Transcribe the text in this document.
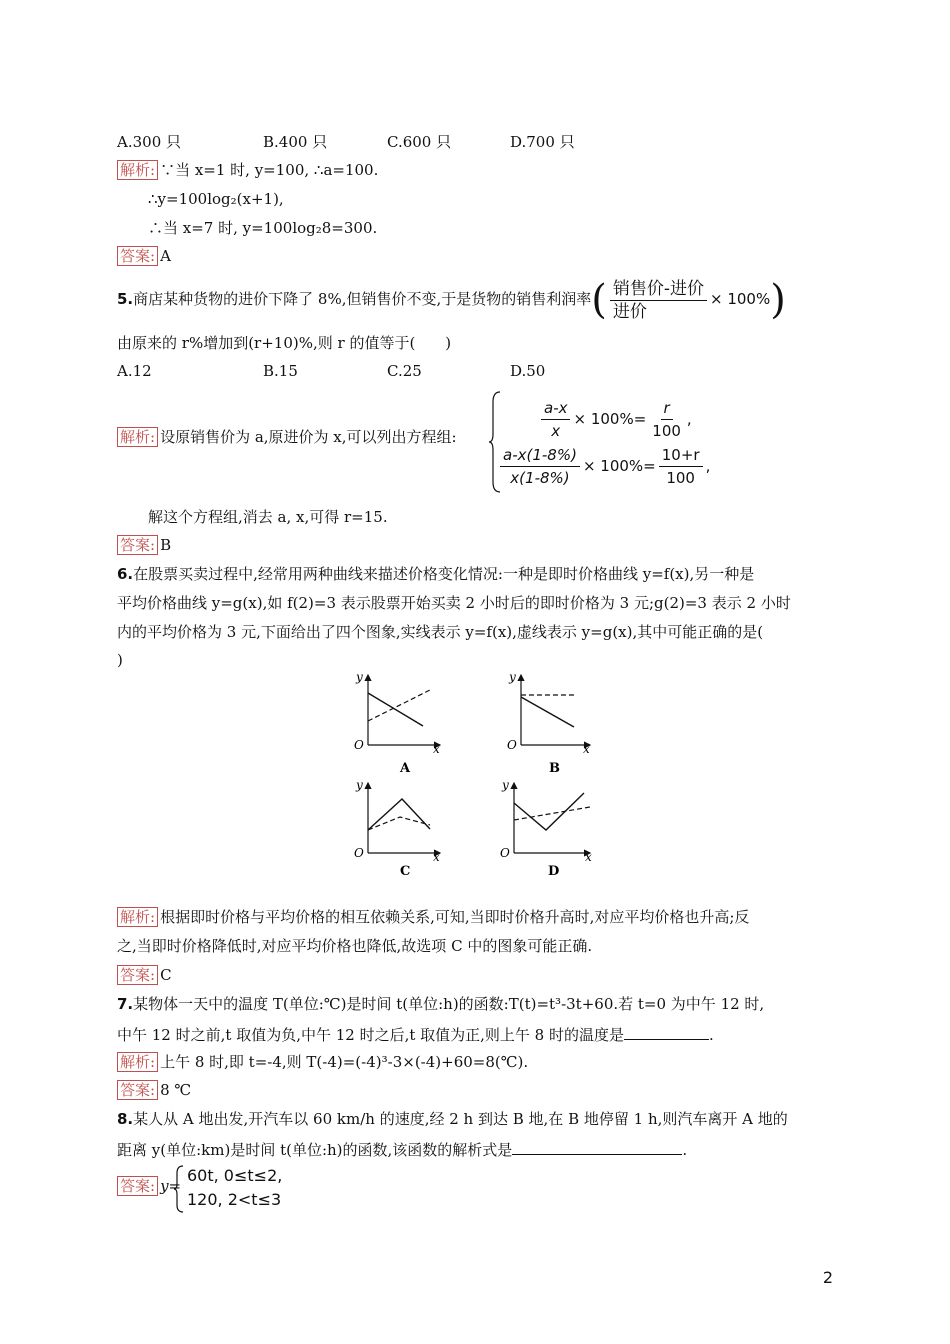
A.300 只	B.400 只	C.600 只	D.700 只
解析: ∵当 x=1 时, y=100, ∴a=100.
∴y=100log₂(x+1),
∴当 x=7 时, y=100log₂8=300.
答案: A
5.商店某种货物的进价下降了 8%,但销售价不变,于是货物的销售利润率( $\frac{\text{销售价-进价}}{\text{进价}} \times 100\%$)
由原来的 r%增加到(r+10)%,则 r 的值等于(　　)
A.12	B.15	C.25	D.50
解析: 设原销售价为 a,原进价为 x,可以列出方程组:	$\frac{a-x}{x} \times 100\%= \frac{r}{100}$ ,
$\frac{a-x(1-8\%)}{x(1-8\%)} \times 100\%= \frac{10+r}{100}$ ,
解这个方程组,消去 a, x,可得 r=15.
答案: B
6.在股票买卖过程中,经常用两种曲线来描述价格变化情况:一种是即时价格曲线 y=f(x),另一种是
平均价格曲线 y=g(x),如 f(2)=3 表示股票开始买卖 2 小时后的即时价格为 3 元;g(2)=3 表示 2 小时
内的平均价格为 3 元,下面给出了四个图象,实线表示 y=f(x),虚线表示 y=g(x),其中可能正确的是(
)
y
x
O
A
y
x
O
B
y
x
O
C
y
x
O
D
解析: 根据即时价格与平均价格的相互依赖关系,可知,当即时价格升高时,对应平均价格也升高;反
之,当即时价格降低时,对应平均价格也降低,故选项 C 中的图象可能正确.
答案: C
7.某物体一天中的温度 T(单位:℃)是时间 t(单位:h)的函数:T(t)=t³-3t+60.若 t=0 为中午 12 时,
中午 12 时之前,t 取值为负,中午 12 时之后,t 取值为正,则上午 8 时的温度是	.
解析: 上午 8 时,即 t=-4,则 T(-4)=(-4)³-3×(-4)+60=8(℃).
答案: 8 ℃
8.某人从 A 地出发,开汽车以 60 km/h 的速度,经 2 h 到达 B 地,在 B 地停留 1 h,则汽车离开 A 地的
距离 y(单位:km)是时间 t(单位:h)的函数,该函数的解析式是	.
答案: y=
60t, 0≤t≤2,
120, 2<t≤3
2
